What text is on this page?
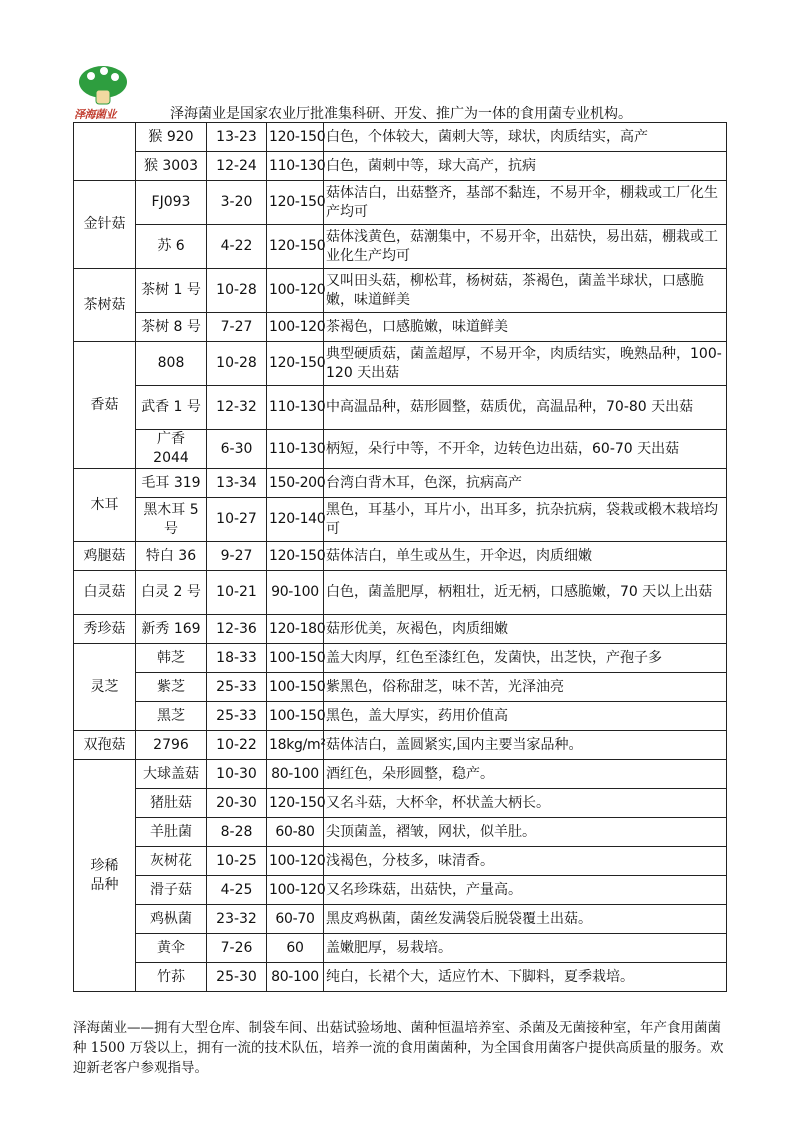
泽海菌业	泽海菌业是国家农业厅批准集科研、开发、推广为一体的食用菌专业机构。
	猴 920	13-23	120-150	白色，个体较大，菌刺大等，球状，肉质结实，高产
	猴 3003	12-24	110-130	白色，菌刺中等，球大高产，抗病
金针菇	FJ093	3-20	120-150	菇体洁白，出菇整齐，基部不黏连，不易开伞，棚栽或工厂化生产均可
	苏 6	4-22	120-150	菇体浅黄色，菇潮集中，不易开伞，出菇快，易出菇，棚栽或工业化生产均可
茶树菇	茶树 1 号	10-28	100-120	又叫田头菇，柳松茸，杨树菇，茶褐色，菌盖半球状，口感脆嫩，味道鲜美
	茶树 8 号	7-27	100-120	茶褐色，口感脆嫩，味道鲜美
香菇	808	10-28	120-150	典型硬质菇，菌盖超厚，不易开伞，肉质结实，晚熟品种，100-120 天出菇
	武香 1 号	12-32	110-130	中高温品种，菇形圆整，菇质优，高温品种，70-80 天出菇
	广香 2044	6-30	110-130	柄短，朵行中等，不开伞，边转色边出菇，60-70 天出菇
木耳	毛耳 319	13-34	150-200	台湾白背木耳，色深，抗病高产
	黑木耳 5 号	10-27	120-140	黑色，耳基小，耳片小，出耳多，抗杂抗病，袋栽或椴木栽培均可
鸡腿菇	特白 36	9-27	120-150	菇体洁白，单生或丛生，开伞迟，肉质细嫩
白灵菇	白灵 2 号	10-21	90-100	白色，菌盖肥厚，柄粗壮，近无柄，口感脆嫩，70 天以上出菇
秀珍菇	新秀 169	12-36	120-180	菇形优美，灰褐色，肉质细嫩
灵芝	韩芝	18-33	100-150	盖大肉厚，红色至漆红色，发菌快，出芝快，产孢子多
	紫芝	25-33	100-150	紫黑色，俗称甜芝，味不苦，光泽油亮
	黑芝	25-33	100-150	黑色，盖大厚实，药用价值高
双孢菇	2796	10-22	18kg/m²	菇体洁白，盖圆紧实,国内主要当家品种。
珍稀品种	大球盖菇	10-30	80-100	酒红色，朵形圆整，稳产。
	猪肚菇	20-30	120-150	又名斗菇，大杯伞，杯状盖大柄长。
	羊肚菌	8-28	60-80	尖顶菌盖，褶皱，网状，似羊肚。
	灰树花	10-25	100-120	浅褐色，分枝多，味清香。
	滑子菇	4-25	100-120	又名珍珠菇，出菇快，产量高。
	鸡枞菌	23-32	60-70	黑皮鸡枞菌，菌丝发满袋后脱袋覆土出菇。
	黄伞	7-26	60	盖嫩肥厚，易栽培。
	竹荪	25-30	80-100	纯白，长裙个大，适应竹木、下脚料，夏季栽培。

泽海菌业——拥有大型仓库、制袋车间、出菇试验场地、菌种恒温培养室、杀菌及无菌接种室，年产食用菌菌种 1500 万袋以上，拥有一流的技术队伍，培养一流的食用菌菌种，为全国食用菌客户提供高质量的服务。欢迎新老客户参观指导。
